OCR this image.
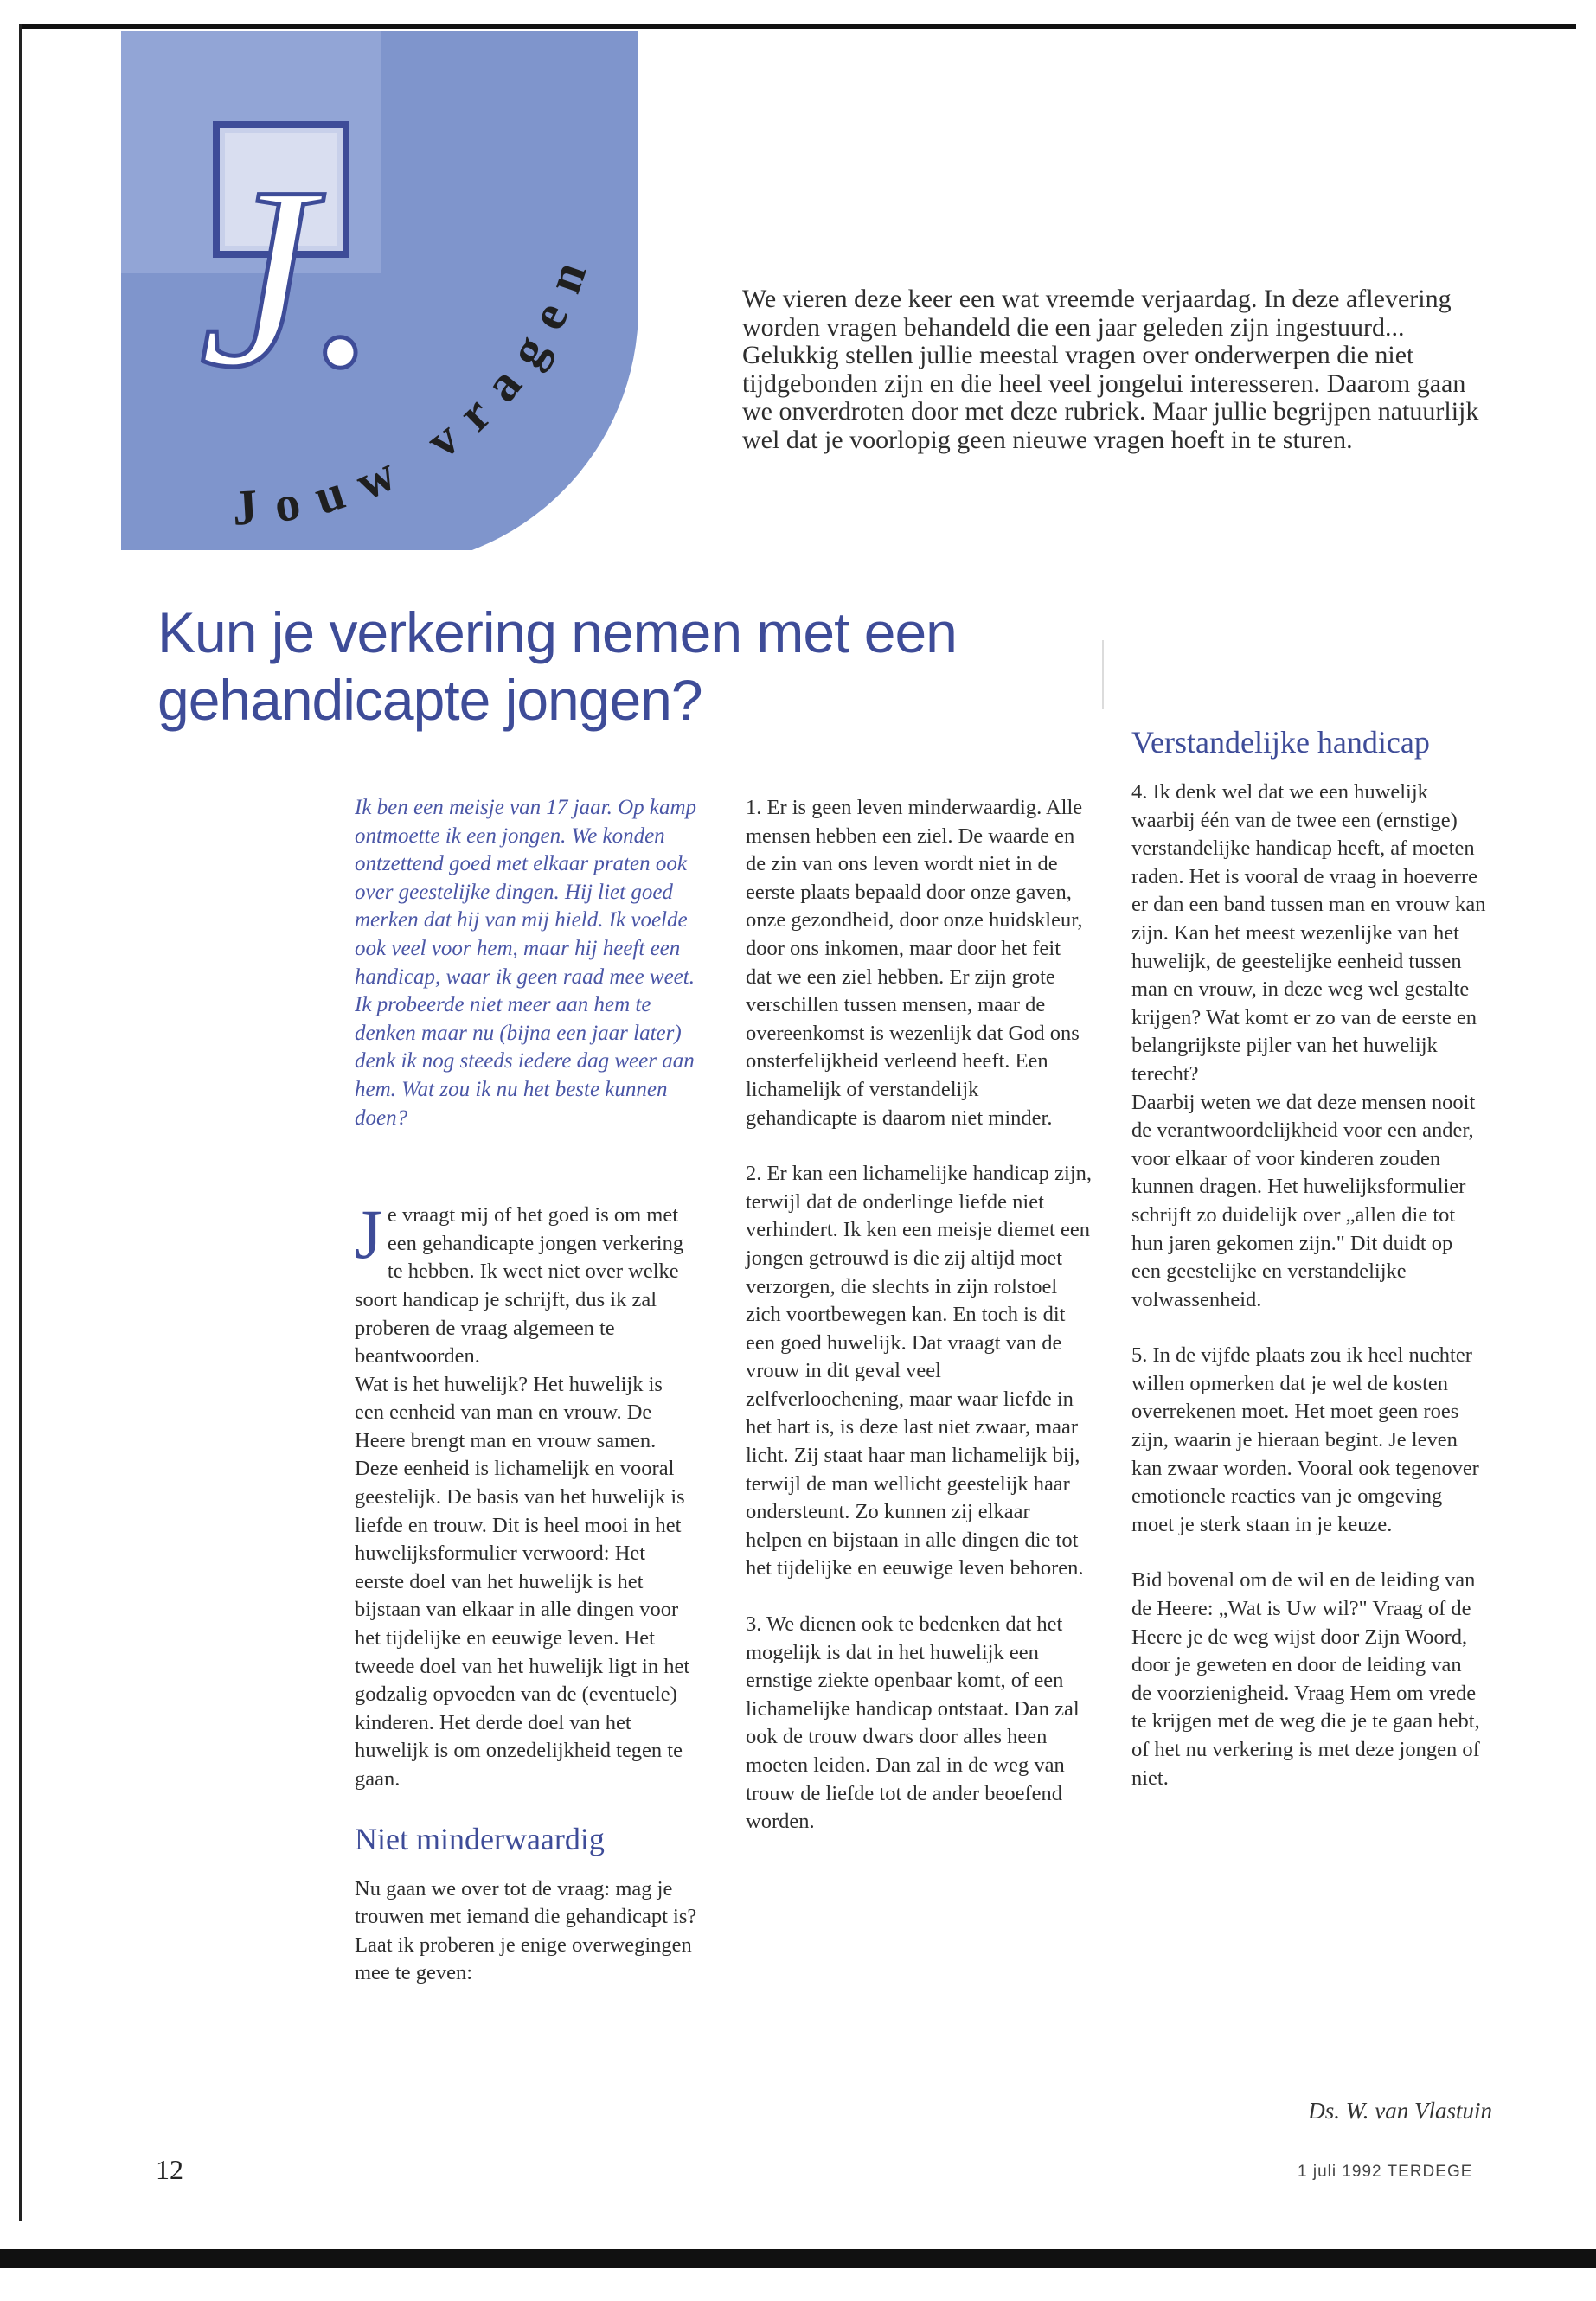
J.
Jouw vragen	We vieren deze keer een wat vreemde verjaardag. In deze aflevering worden vragen behandeld die een jaar geleden zijn ingestuurd... Gelukkig stellen jullie meestal vragen over onderwerpen die niet tijdgebonden zijn en die heel veel jongelui interesseren. Daarom gaan we onverdroten door met deze rubriek. Maar jullie begrijpen natuurlijk wel dat je voorlopig geen nieuwe vragen hoeft in te sturen.

Kun je verkering nemen met een gehandicapte jongen?

Ik ben een meisje van 17 jaar. Op kamp ontmoette ik een jongen. We konden ontzettend goed met elkaar praten ook over geestelijke dingen. Hij liet goed merken dat hij van mij hield. Ik voelde ook veel voor hem, maar hij heeft een handicap, waar ik geen raad mee weet. Ik probeerde niet meer aan hem te denken maar nu (bijna een jaar later) denk ik nog steeds iedere dag weer aan hem. Wat zou ik nu het beste kunnen doen?

Je vraagt mij of het goed is om met een gehandicapte jongen verkering te hebben. Ik weet niet over welke soort handicap je schrijft, dus ik zal proberen de vraag algemeen te beantwoorden.
Wat is het huwelijk? Het huwelijk is een eenheid van man en vrouw. De Heere brengt man en vrouw samen. Deze eenheid is lichamelijk en vooral geestelijk. De basis van het huwelijk is liefde en trouw. Dit is heel mooi in het huwelijksformulier verwoord: Het eerste doel van het huwelijk is het bijstaan van elkaar in alle dingen voor het tijdelijke en eeuwige leven. Het tweede doel van het huwelijk ligt in het godzalig opvoeden van de (eventuele) kinderen. Het derde doel van het huwelijk is om onzedelijkheid tegen te gaan.

Niet minderwaardig

Nu gaan we over tot de vraag: mag je trouwen met iemand die gehandicapt is? Laat ik proberen je enige overwegingen mee te geven:

1. Er is geen leven minderwaardig. Alle mensen hebben een ziel. De waarde en de zin van ons leven wordt niet in de eerste plaats bepaald door onze gaven, onze gezondheid, door onze huidskleur, door ons inkomen, maar door het feit dat we een ziel hebben. Er zijn grote verschillen tussen mensen, maar de overeenkomst is wezenlijk dat God ons onsterfelijkheid verleend heeft. Een lichamelijk of verstandelijk gehandicapte is daarom niet minder.

2. Er kan een lichamelijke handicap zijn, terwijl dat de onderlinge liefde niet verhindert. Ik ken een meisje diemet een jongen getrouwd is die zij altijd moet verzorgen, die slechts in zijn rolstoel zich voortbewegen kan. En toch is dit een goed huwelijk. Dat vraagt van de vrouw in dit geval veel zelfverloochening, maar waar liefde in het hart is, is deze last niet zwaar, maar licht. Zij staat haar man lichamelijk bij, terwijl de man wellicht geestelijk haar ondersteunt. Zo kunnen zij elkaar helpen en bijstaan in alle dingen die tot het tijdelijke en eeuwige leven behoren.

3. We dienen ook te bedenken dat het mogelijk is dat in het huwelijk een ernstige ziekte openbaar komt, of een lichamelijke handicap ontstaat. Dan zal ook de trouw dwars door alles heen moeten leiden. Dan zal in de weg van trouw de liefde tot de ander beoefend worden.

Verstandelijke handicap

4. Ik denk wel dat we een huwelijk waarbij één van de twee een (ernstige) verstandelijke handicap heeft, af moeten raden. Het is vooral de vraag in hoeverre er dan een band tussen man en vrouw kan zijn. Kan het meest wezenlijke van het huwelijk, de geestelijke eenheid tussen man en vrouw, in deze weg wel gestalte krijgen? Wat komt er zo van de eerste en belangrijkste pijler van het huwelijk terecht?

Daarbij weten we dat deze mensen nooit de verantwoordelijkheid voor een ander, voor elkaar of voor kinderen zouden kunnen dragen. Het huwelijksformulier schrijft zo duidelijk over „allen die tot hun jaren gekomen zijn." Dit duidt op een geestelijke en verstandelijke volwassenheid.

5. In de vijfde plaats zou ik heel nuchter willen opmerken dat je wel de kosten overrekenen moet. Het moet geen roes zijn, waarin je hieraan begint. Je leven kan zwaar worden. Vooral ook tegenover emotionele reacties van je omgeving moet je sterk staan in je keuze.

Bid bovenal om de wil en de leiding van de Heere: „Wat is Uw wil?" Vraag of de Heere je de weg wijst door Zijn Woord, door je geweten en door de leiding van de voorzienigheid. Vraag Hem om vrede te krijgen met de weg die je te gaan hebt, of het nu verkering is met deze jongen of niet.

Ds. W. van Vlastuin
12	1 juli 1992 TERDEGE
